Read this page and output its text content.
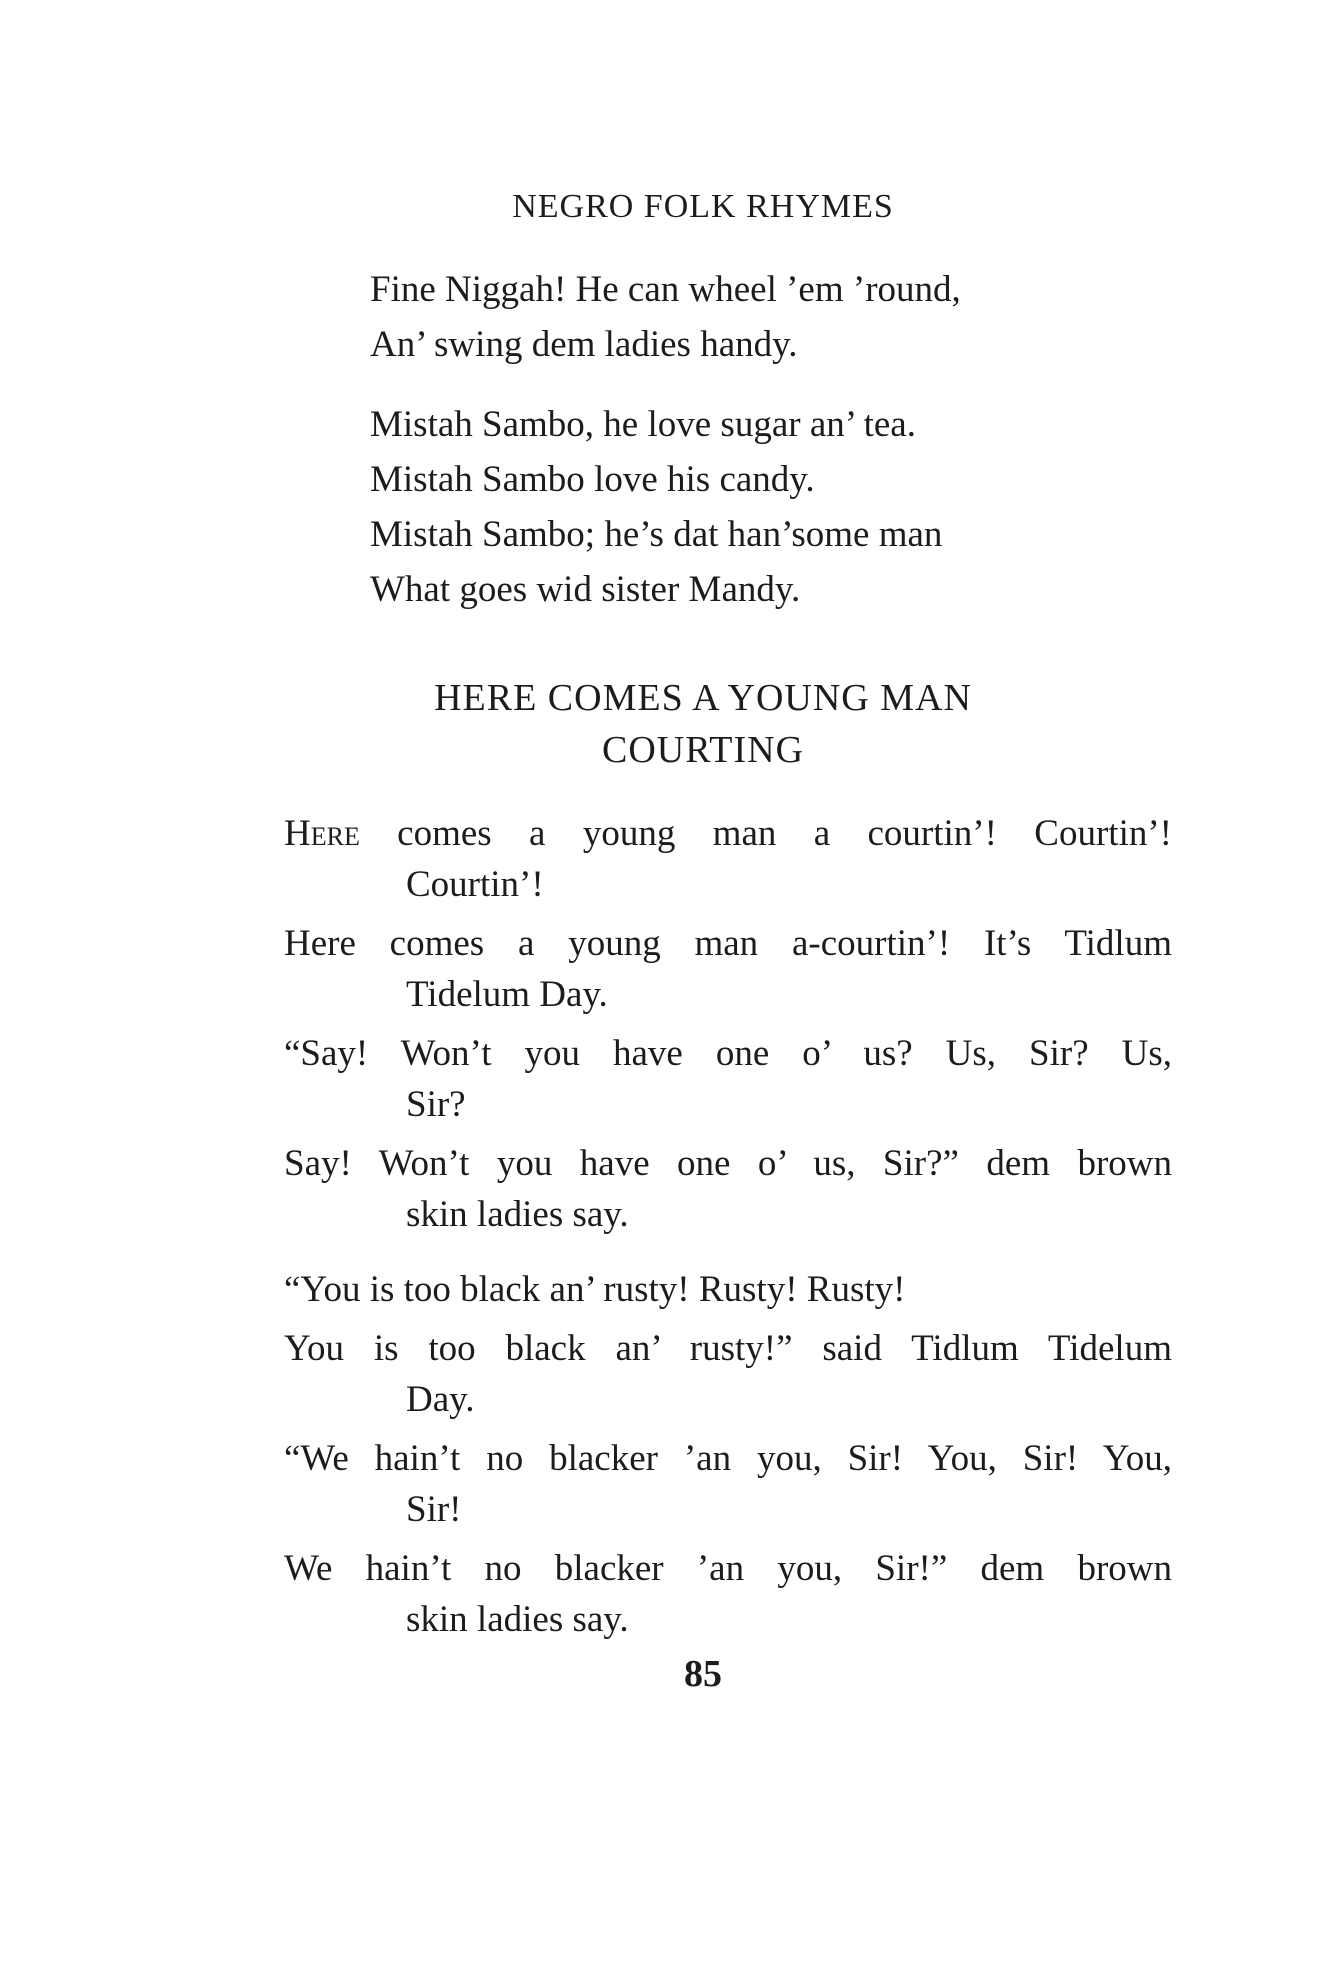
NEGRO FOLK RHYMES
Fine Niggah! He can wheel ’em ’round,
An’ swing dem ladies handy.
Mistah Sambo, he love sugar an’ tea.
Mistah Sambo love his candy.
Mistah Sambo; he’s dat han’some man
What goes wid sister Mandy.
HERE COMES A YOUNG MAN
COURTING
Here comes a young man a courtin’! Courtin’!
Courtin’!
Here comes a young man a-courtin’! It’s Tidlum
Tidelum Day.
“Say! Won’t you have one o’ us? Us, Sir? Us,
Sir?
Say! Won’t you have one o’ us, Sir?” dem brown
skin ladies say.
“You is too black an’ rusty! Rusty! Rusty!
You is too black an’ rusty!” said Tidlum Tidelum
Day.
“We hain’t no blacker ’an you, Sir! You, Sir! You,
Sir!
We hain’t no blacker ’an you, Sir!” dem brown
skin ladies say.
85
